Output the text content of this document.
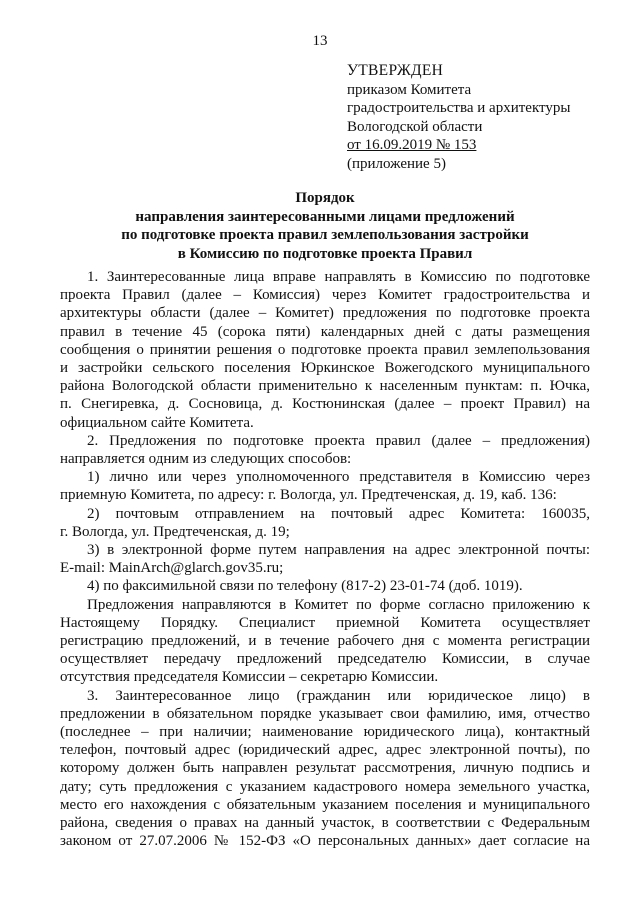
13
УТВЕРЖДЕН
приказом Комитета
градостроительства и архитектуры
Вологодской области
от 16.09.2019 № 153
(приложение 5)
Порядок
направления заинтересованными лицами предложений
по подготовке проекта правил землепользования застройки
в Комиссию по подготовке проекта Правил
1. Заинтересованные лица вправе направлять в Комиссию по подготовке
проекта Правил (далее – Комиссия) через Комитет градостроительства и
архитектуры области (далее – Комитет) предложения по подготовке проекта
правил в течение 45 (сорока пяти) календарных дней с даты размещения
сообщения о принятии решения о подготовке проекта правил землепользования
и застройки сельского поселения Юркинское Вожегодского муниципального
района Вологодской области применительно к населенным пунктам: п. Ючка,
п. Снегиревка, д. Сосновица, д. Костюнинская (далее – проект Правил) на
официальном сайте Комитета.
2. Предложения по подготовке проекта правил (далее – предложения)
направляется одним из следующих способов:
1) лично или через уполномоченного представителя в Комиссию через
приемную Комитета, по адресу: г. Вологда, ул. Предтеченская, д. 19, каб. 136:
2) почтовым отправлением на почтовый адрес Комитета: 160035,
г. Вологда, ул. Предтеченская, д. 19;
3) в электронной форме путем направления на адрес электронной почты:
E-mail: MainArch@glarch.gov35.ru;
4) по факсимильной связи по телефону (817-2) 23-01-74 (доб. 1019).
Предложения направляются в Комитет по форме согласно приложению к
Настоящему Порядку. Специалист приемной Комитета осуществляет
регистрацию предложений, и в течение рабочего дня с момента регистрации
осуществляет передачу предложений председателю Комиссии, в случае
отсутствия председателя Комиссии – секретарю Комиссии.
3. Заинтересованное лицо (гражданин или юридическое лицо) в
предложении в обязательном порядке указывает свои фамилию, имя, отчество
(последнее – при наличии; наименование юридического лица), контактный
телефон, почтовый адрес (юридический адрес, адрес электронной почты), по
которому должен быть направлен результат рассмотрения, личную подпись и
дату; суть предложения с указанием кадастрового номера земельного участка,
место его нахождения с обязательным указанием поселения и муниципального
района, сведения о правах на данный участок, в соответствии с Федеральным
законом от 27.07.2006 № 152-ФЗ «О персональных данных» дает согласие на
